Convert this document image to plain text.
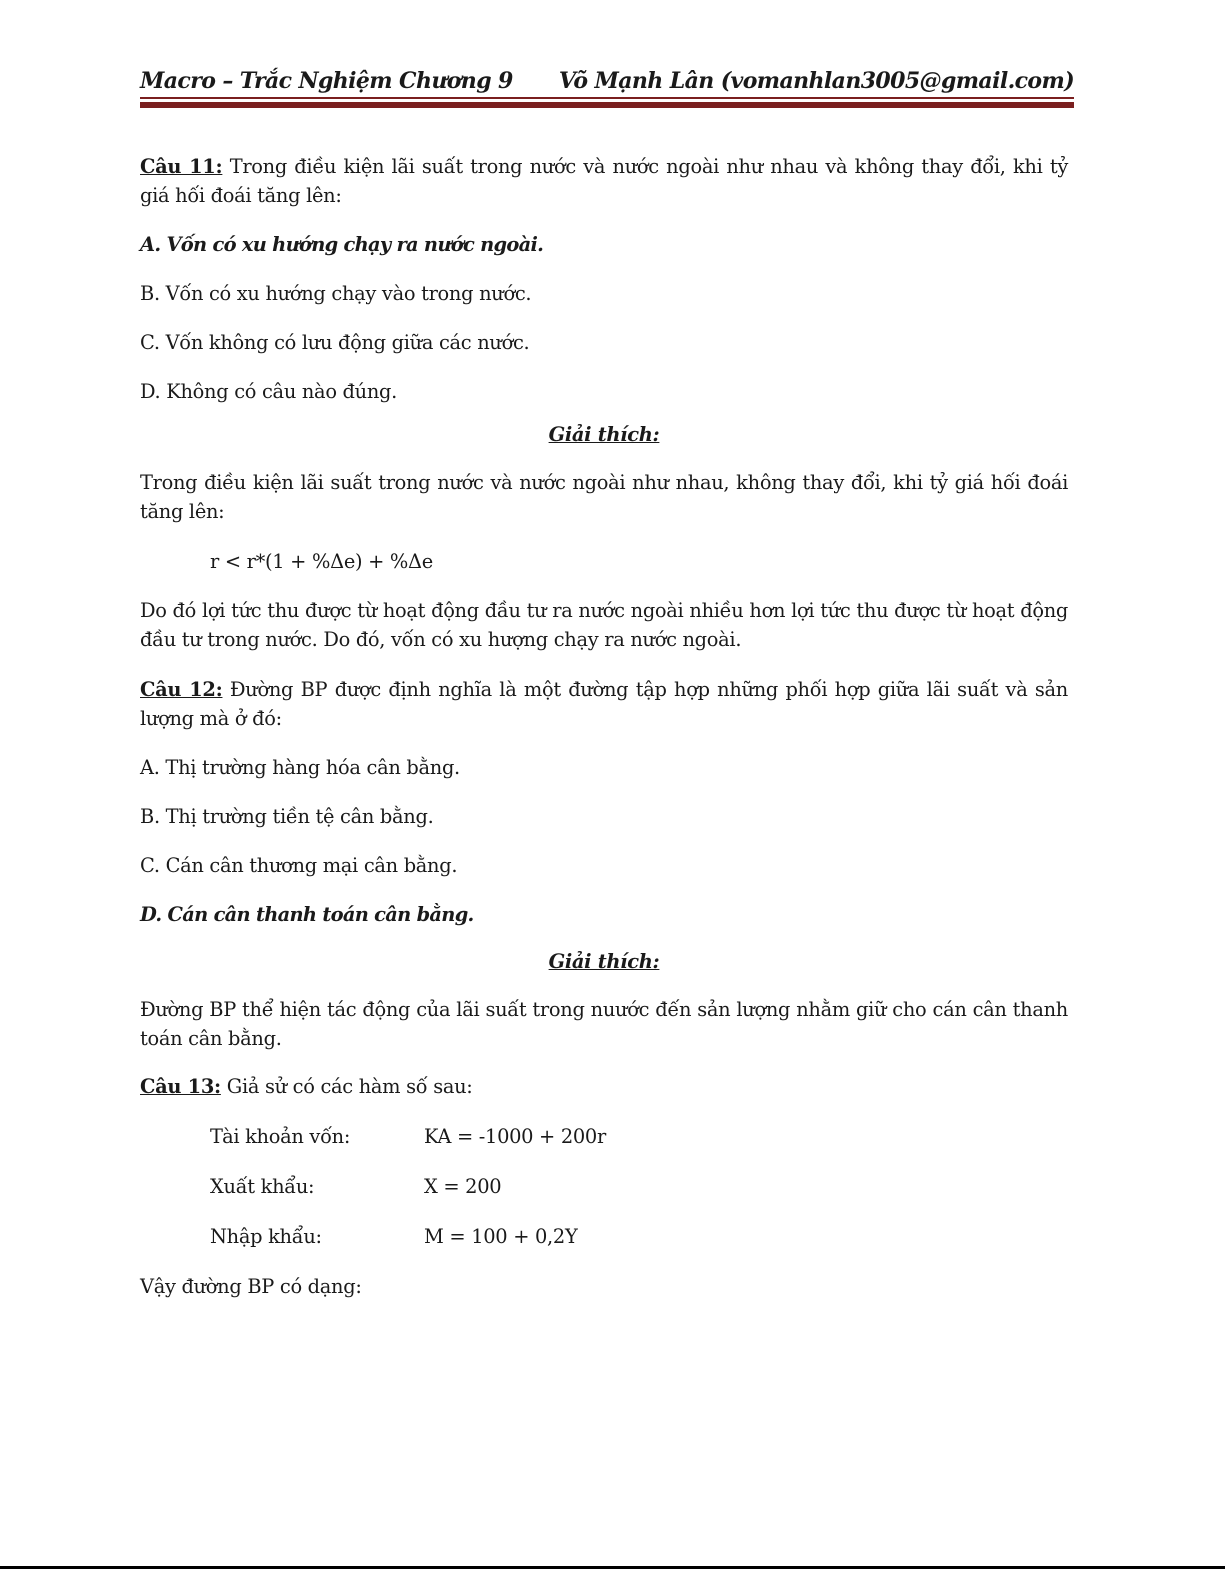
Macro – Trắc Nghiệm Chương 9 Võ Mạnh Lân (vomanhlan3005@gmail.com)

Câu 11: Trong điều kiện lãi suất trong nước và nước ngoài như nhau và không thay đổi, khi tỷ giá hối đoái tăng lên:

A. Vốn có xu hướng chạy ra nước ngoài.

B. Vốn có xu hướng chạy vào trong nước.

C. Vốn không có lưu động giữa các nước.

D. Không có câu nào đúng.

Giải thích:

Trong điều kiện lãi suất trong nước và nước ngoài như nhau, không thay đổi, khi tỷ giá hối đoái tăng lên:

r < r*(1 + %Δe) + %Δe

Do đó lợi tức thu được từ hoạt động đầu tư ra nước ngoài nhiều hơn lợi tức thu được từ hoạt động đầu tư trong nước. Do đó, vốn có xu hượng chạy ra nước ngoài.

Câu 12: Đường BP được định nghĩa là một đường tập hợp những phối hợp giữa lãi suất và sản lượng mà ở đó:

A. Thị trường hàng hóa cân bằng.

B. Thị trường tiền tệ cân bằng.

C. Cán cân thương mại cân bằng.

D. Cán cân thanh toán cân bằng.

Giải thích:

Đường BP thể hiện tác động của lãi suất trong nuước đến sản lượng nhằm giữ cho cán cân thanh toán cân bằng.

Câu 13: Giả sử có các hàm số sau:

Tài khoản vốn:	KA = -1000 + 200r
Xuất khẩu:	X = 200
Nhập khẩu:	M = 100 + 0,2Y

Vậy đường BP có dạng:
